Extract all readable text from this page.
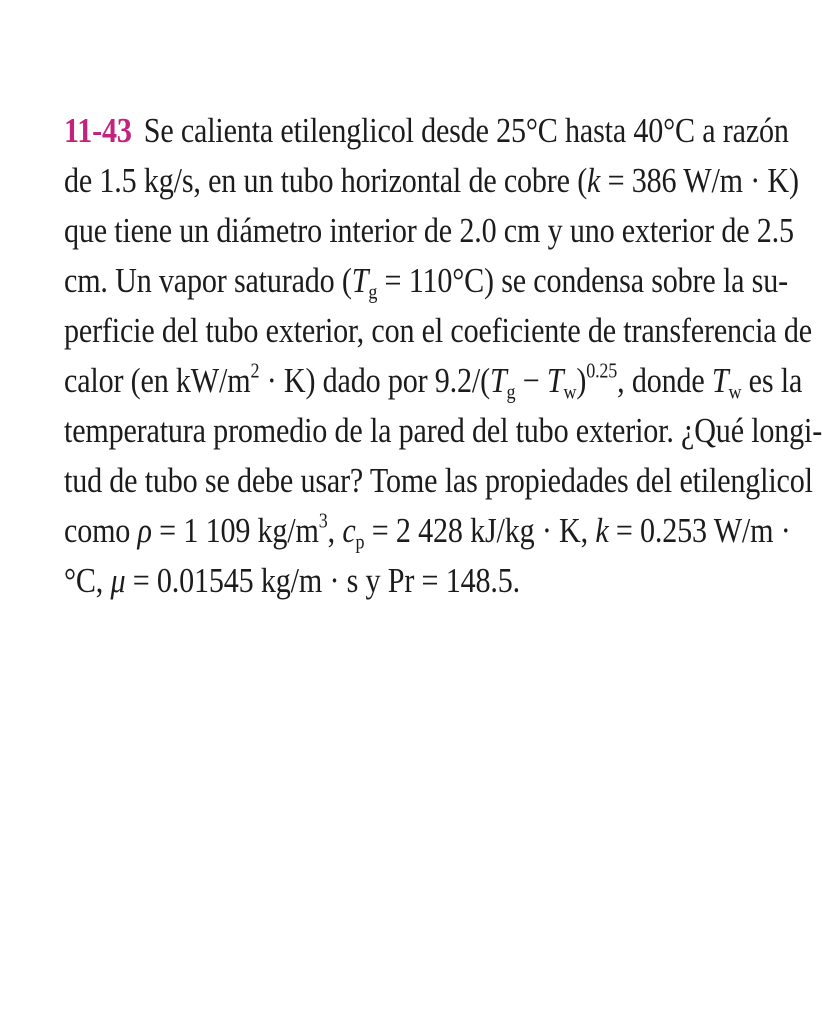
11-43 Se calienta etilenglicol desde 25°C hasta 40°C a razón
de 1.5 kg/s, en un tubo horizontal de cobre (k = 386 W/m · K)
que tiene un diámetro interior de 2.0 cm y uno exterior de 2.5
cm. Un vapor saturado $(T_g = 110^\circ C)$ se condensa sobre la su-
perficie del tubo exterior, con el coeficiente de transferencia de
calor (en $kW/m^2 \cdot K$) dado por $9.2/(T_g - T_w)^{0.25}$, donde $T_w$ es la
temperatura promedio de la pared del tubo exterior. ¿Qué longi-
tud de tubo se debe usar? Tome las propiedades del etilenglicol
como ρ = 1 109 $kg/m^3$, $c_p = 2$ 428 kJ/kg · K, k = 0.253 W/m ·
°C, μ = 0.01545 kg/m · s y Pr = 148.5.
